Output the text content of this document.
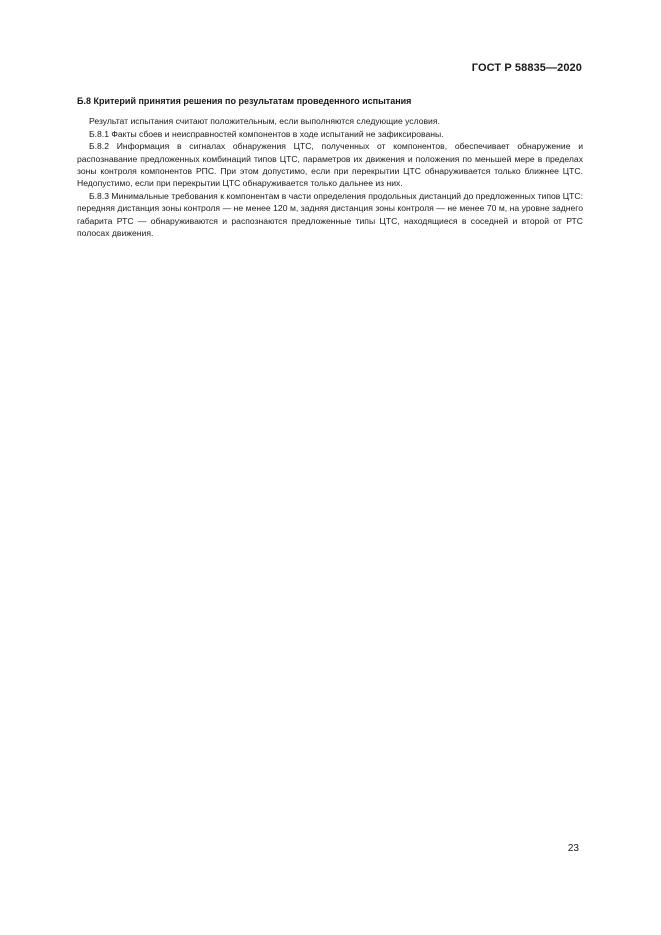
ГОСТ Р 58835—2020
Б.8 Критерий принятия решения по результатам проведенного испытания

Результат испытания считают положительным, если выполняются следующие условия.

Б.8.1 Факты сбоев и неисправностей компонентов в ходе испытаний не зафиксированы.

Б.8.2 Информация в сигналах обнаружения ЦТС, полученных от компонентов, обеспечивает обнаружение и распознавание предложенных комбинаций типов ЦТС, параметров их движения и положения по меньшей мере в пределах зоны контроля компонентов РПС. При этом допустимо, если при перекрытии ЦТС обнаруживается только ближнее ЦТС. Недопустимо, если при перекрытии ЦТС обнаруживается только дальнее из них.

Б.8.3 Минимальные требования к компонентам в части определения продольных дистанций до предложенных типов ЦТС: передняя дистанция зоны контроля — не менее 120 м, задняя дистанция зоны контроля — не менее 70 м, на уровне заднего габарита РТС — обнаруживаются и распознаются предложенные типы ЦТС, находящиеся в соседней и второй от РТС полосах движения.

23
